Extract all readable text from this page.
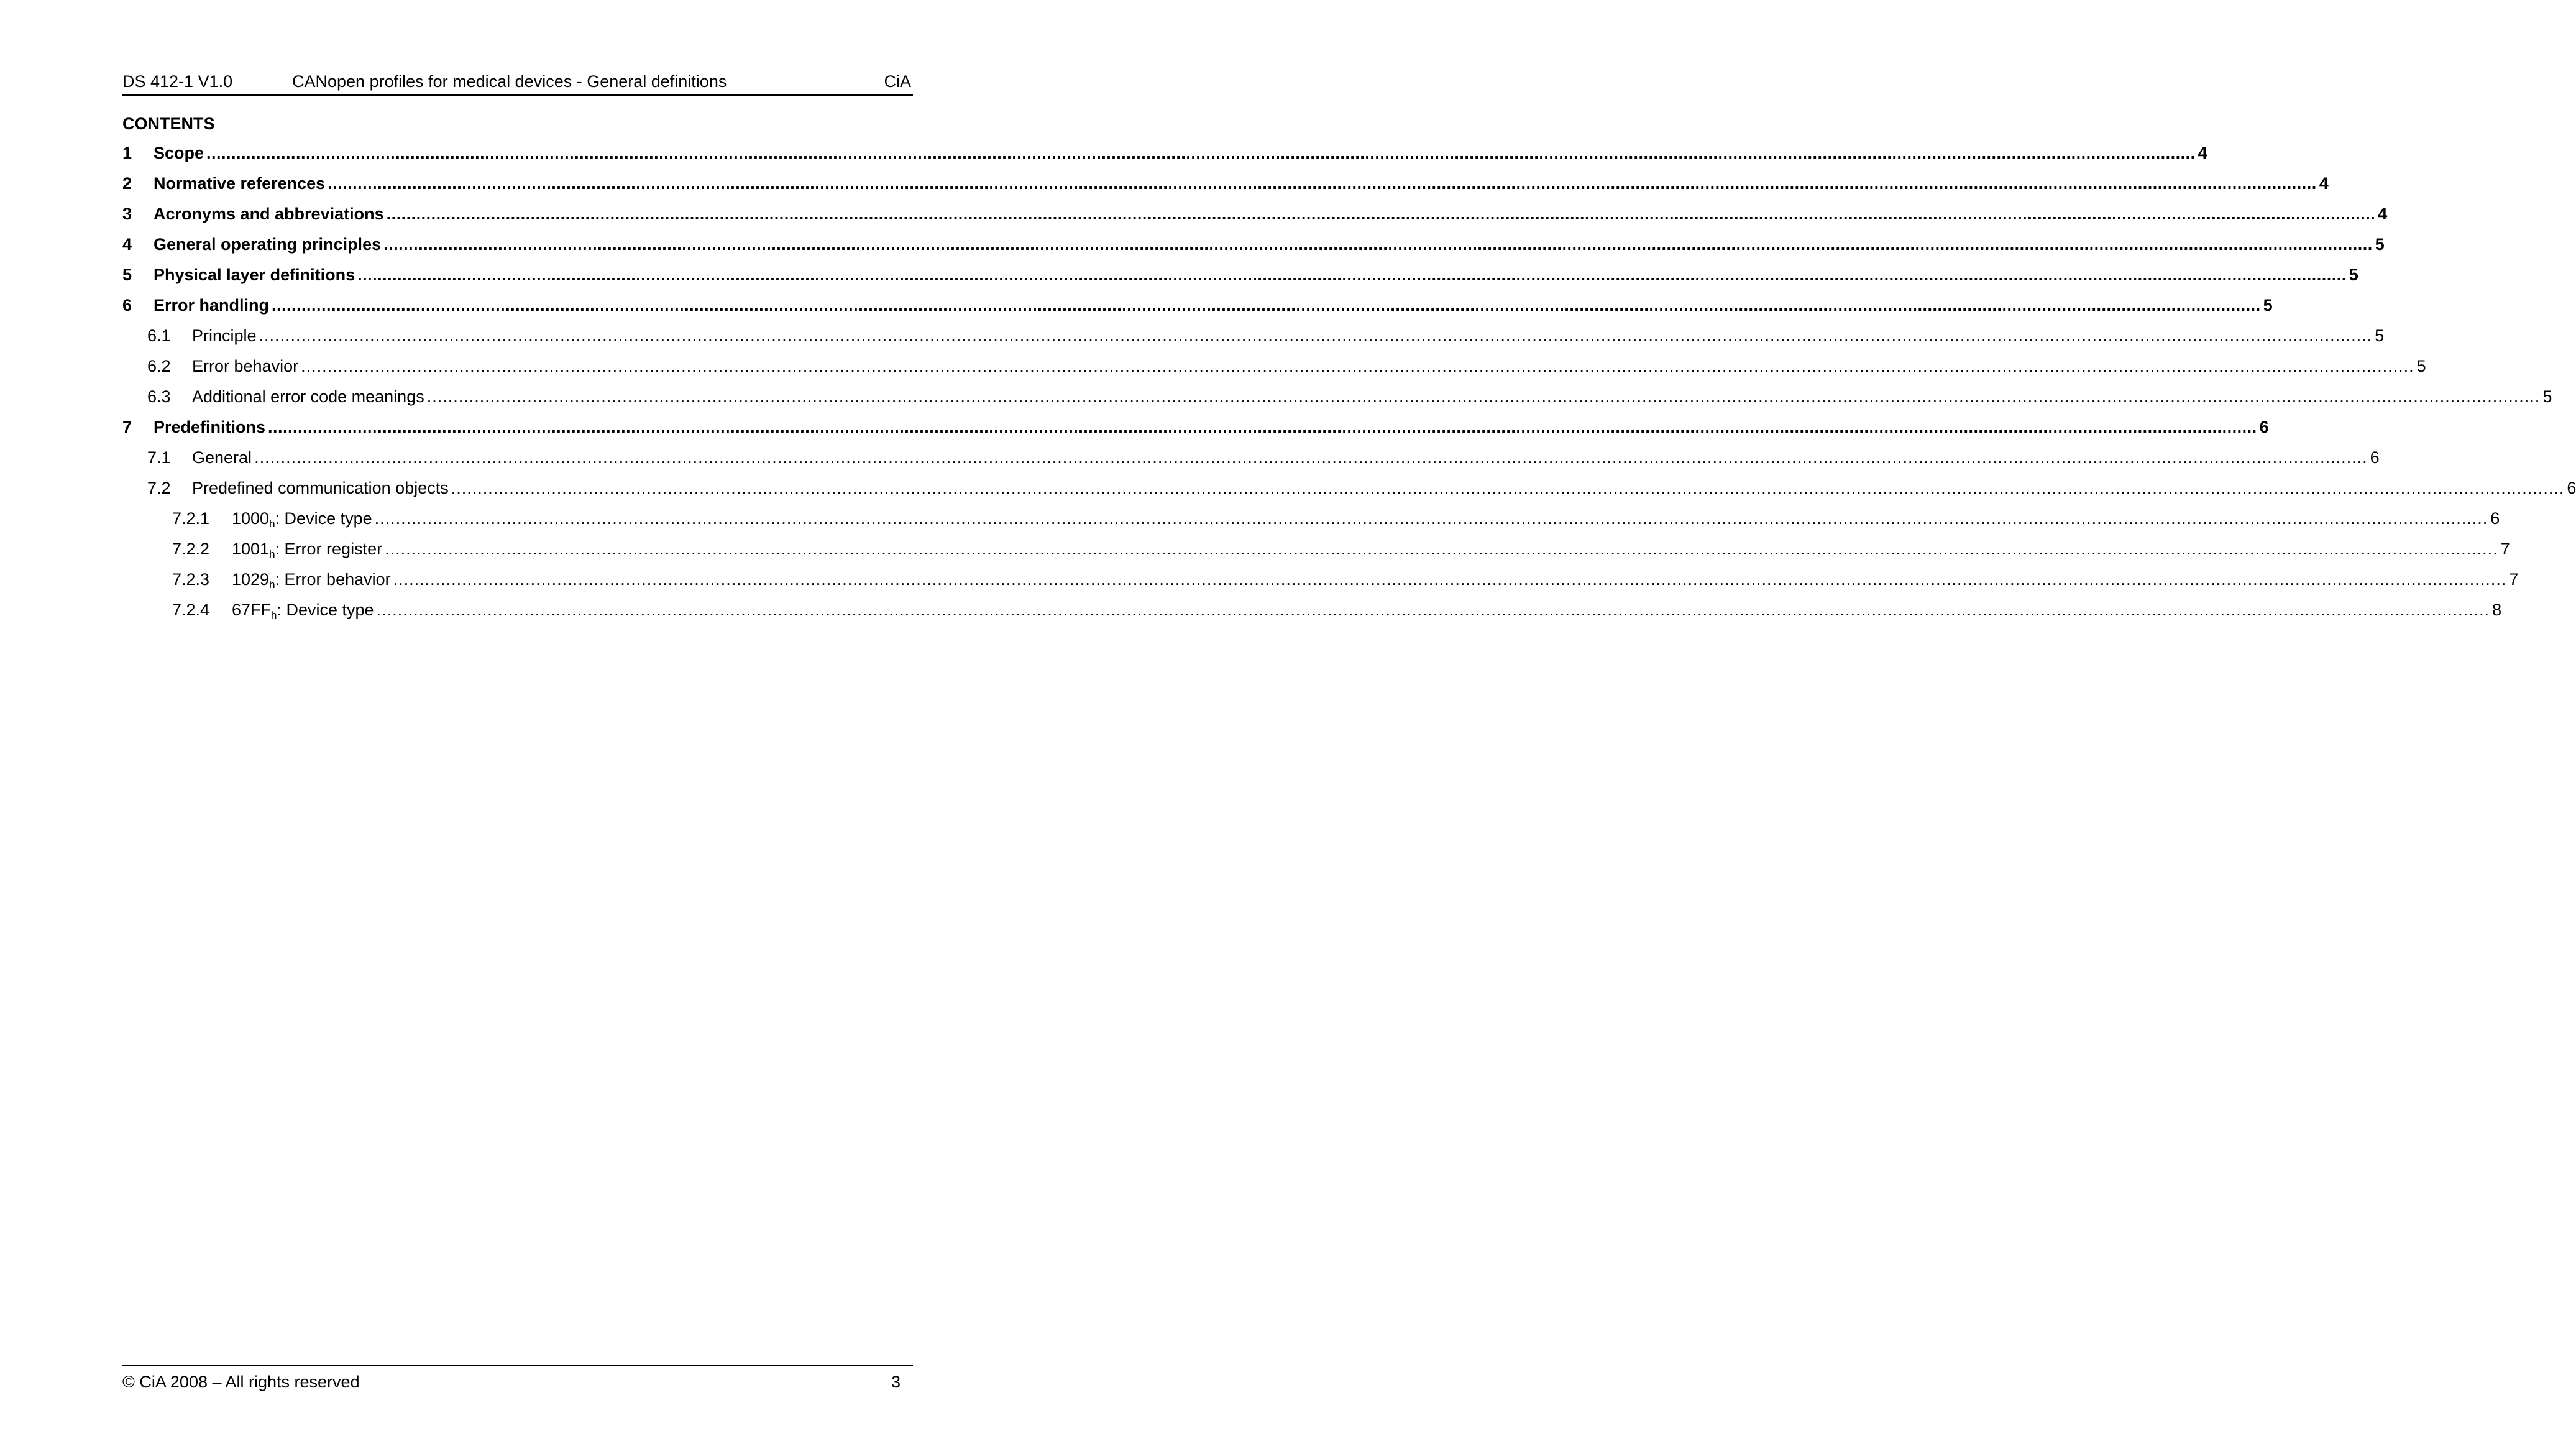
DS 412-1 V1.0	CANopen profiles for medical devices - General definitions	CiA
CONTENTS
1	Scope ................................................................................................................................................................................................................................................................................................................................................................................................................ 4
2	Normative references ................................................................................................................................................................................................................................................................................................................................................................................................................ 4
3	Acronyms and abbreviations ................................................................................................................................................................................................................................................................................................................................................................................................................ 4
4	General operating principles ................................................................................................................................................................................................................................................................................................................................................................................................................ 5
5	Physical layer definitions ................................................................................................................................................................................................................................................................................................................................................................................................................ 5
6	Error handling ................................................................................................................................................................................................................................................................................................................................................................................................................ 5
6.1	Principle ................................................................................................................................................................................................................................................................................................................................................................................................................ 5
6.2	Error behavior ................................................................................................................................................................................................................................................................................................................................................................................................................ 5
6.3	Additional error code meanings ................................................................................................................................................................................................................................................................................................................................................................................................................ 5
7	Predefinitions ................................................................................................................................................................................................................................................................................................................................................................................................................ 6
7.1	General ................................................................................................................................................................................................................................................................................................................................................................................................................ 6
7.2	Predefined communication objects ................................................................................................................................................................................................................................................................................................................................................................................................................ 6
7.2.1	$1000_h$: Device type ................................................................................................................................................................................................................................................................................................................................................................................................................ 6
7.2.2	$1001_h$: Error register ................................................................................................................................................................................................................................................................................................................................................................................................................ 7
7.2.3	$1029_h$: Error behavior ................................................................................................................................................................................................................................................................................................................................................................................................................ 7
7.2.4	$67FF_h$: Device type ................................................................................................................................................................................................................................................................................................................................................................................................................ 8
© CiA 2008 – All rights reserved	3
